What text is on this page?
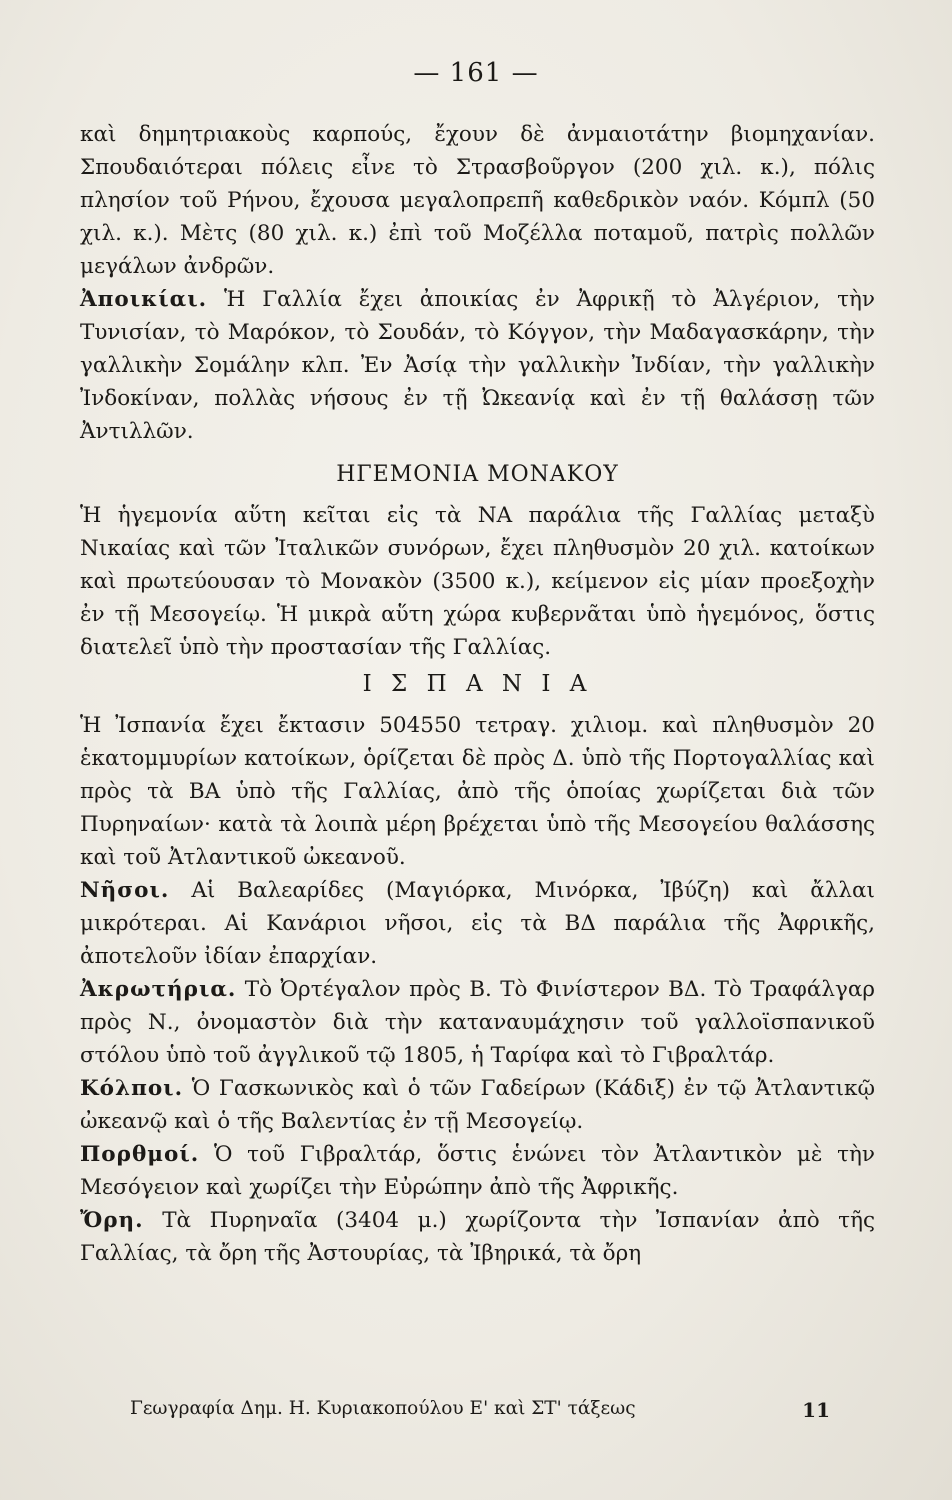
— 161 —

καὶ δημητριακοὺς καρπούς, ἔχουν δὲ ἀνμαιοτάτην βιομηχανίαν. Σπουδαιότεραι πόλεις εἶνε τὸ Στρασβοῦργον (200 χιλ. κ.), πόλις πλησίον τοῦ Ρήνου, ἔχουσα μεγαλοπρεπῆ καθεδρικὸν ναόν. Κόμπλ (50 χιλ. κ.). Μὲτς (80 χιλ. κ.) ἐπὶ τοῦ Μοζέλλα ποταμοῦ, πατρὶς πολλῶν μεγάλων ἀνδρῶν.

Ἀποικίαι. Ἡ Γαλλία ἔχει ἀποικίας ἐν Ἀφρικῇ τὸ Ἀλγέριον, τὴν Τυνισίαν, τὸ Μαρόκον, τὸ Σουδάν, τὸ Κόγγον, τὴν Μαδαγασκάρην, τὴν γαλλικὴν Σομάλην κλπ. Ἐν Ἀσίᾳ τὴν γαλλικὴν Ἰνδίαν, τὴν γαλλικὴν Ἰνδοκίναν, πολλὰς νήσους ἐν τῇ Ὠκεανίᾳ καὶ ἐν τῇ θαλάσσῃ τῶν Ἀντιλλῶν.

ΗΓΕΜΟΝΙΑ ΜΟΝΑΚΟΥ

Ἡ ἡγεμονία αὕτη κεῖται εἰς τὰ ΝΑ παράλια τῆς Γαλλίας μεταξὺ Νικαίας καὶ τῶν Ἰταλικῶν συνόρων, ἔχει πληθυσμὸν 20 χιλ. κατοίκων καὶ πρωτεύουσαν τὸ Μονακὸν (3500 κ.), κείμενον εἰς μίαν προεξοχὴν ἐν τῇ Μεσογείῳ. Ἡ μικρὰ αὕτη χώρα κυβερνᾶται ὑπὸ ἡγεμόνος, ὅστις διατελεῖ ὑπὸ τὴν προστασίαν τῆς Γαλλίας.

Ι Σ Π Α Ν Ι Α

Ἡ Ἰσπανία ἔχει ἔκτασιν 504550 τετραγ. χιλιομ. καὶ πληθυσμὸν 20 ἑκατομμυρίων κατοίκων, ὁρίζεται δὲ πρὸς Δ. ὑπὸ τῆς Πορτογαλλίας καὶ πρὸς τὰ ΒΑ ὑπὸ τῆς Γαλλίας, ἀπὸ τῆς ὁποίας χωρίζεται διὰ τῶν Πυρηναίων· κατὰ τὰ λοιπὰ μέρη βρέχεται ὑπὸ τῆς Μεσογείου θαλάσσης καὶ τοῦ Ἀτλαντικοῦ ὠκεανοῦ.

Νῆσοι. Αἱ Βαλεαρίδες (Μαγιόρκα, Μινόρκα, Ἰβύζη) καὶ ἄλλαι μικρότεραι. Αἱ Κανάριοι νῆσοι, εἰς τὰ ΒΔ παράλια τῆς Ἀφρικῆς, ἀποτελοῦν ἰδίαν ἐπαρχίαν.

Ἀκρωτήρια. Τὸ Ὀρτέγαλον πρὸς Β. Τὸ Φινίστερον ΒΔ. Τὸ Τραφάλγαρ πρὸς Ν., ὀνομαστὸν διὰ τὴν καταναυμάχησιν τοῦ γαλλοϊσπανικοῦ στόλου ὑπὸ τοῦ ἀγγλικοῦ τῷ 1805, ἡ Ταρίφα καὶ τὸ Γιβραλτάρ.

Κόλποι. Ὁ Γασκωνικὸς καὶ ὁ τῶν Γαδείρων (Κάδιξ) ἐν τῷ Ἀτλαντικῷ ὠκεανῷ καὶ ὁ τῆς Βαλεντίας ἐν τῇ Μεσογείῳ.

Πορθμοί. Ὁ τοῦ Γιβραλτάρ, ὅστις ἑνώνει τὸν Ἀτλαντικὸν μὲ τὴν Μεσόγειον καὶ χωρίζει τὴν Εὐρώπην ἀπὸ τῆς Ἀφρικῆς.

Ὄρη. Τὰ Πυρηναῖα (3404 μ.) χωρίζοντα τὴν Ἰσπανίαν ἀπὸ τῆς Γαλλίας, τὰ ὄρη τῆς Ἀστουρίας, τὰ Ἰβηρικά, τὰ ὄρη

Γεωγραφία Δημ. Η. Κυριακοπούλου Ε' καὶ ΣΤ' τάξεως	11
